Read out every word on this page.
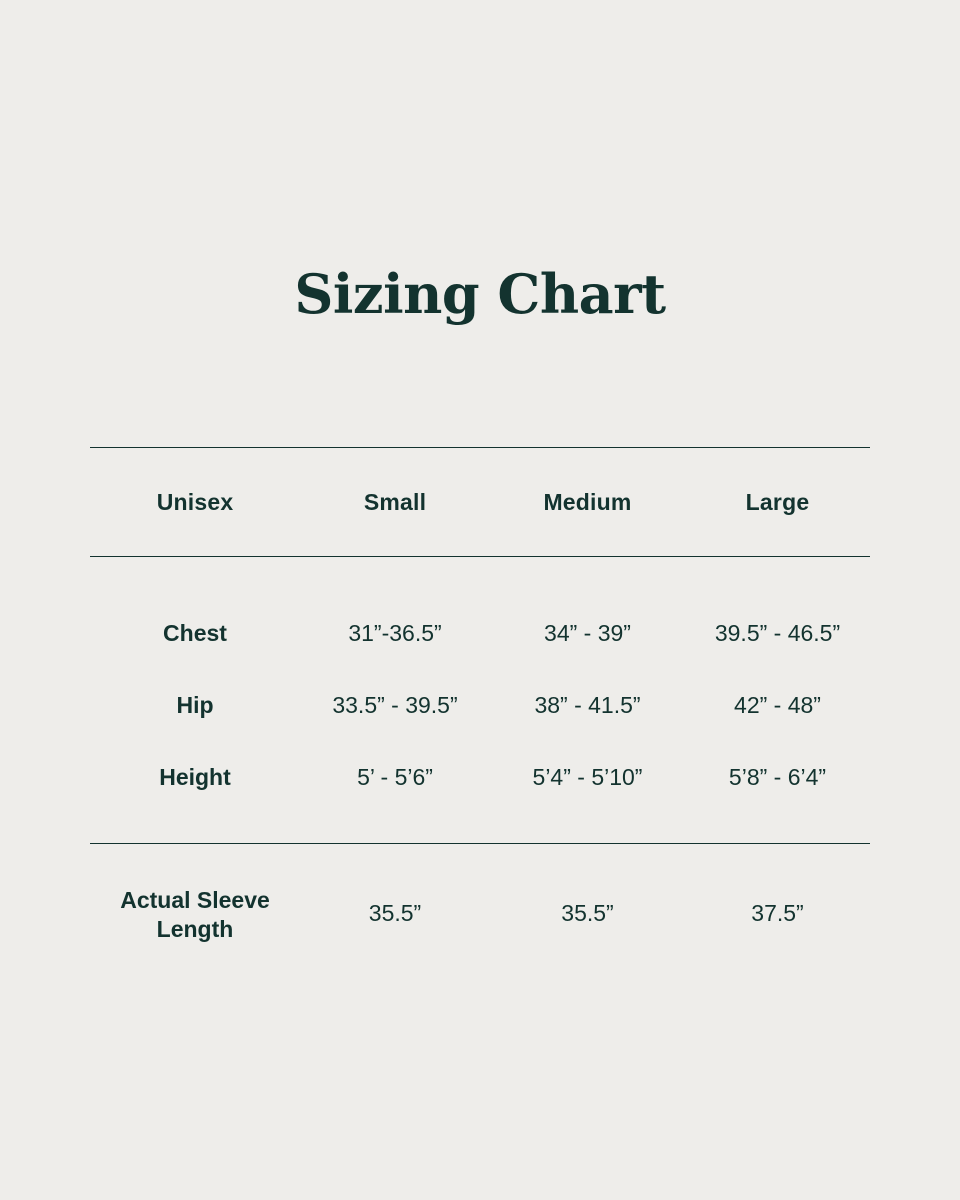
Sizing Chart

Unisex	Small	Medium	Large

Chest	31”-36.5”	34” - 39”	39.5” - 46.5”
Hip	33.5” - 39.5”	38” - 41.5”	42” - 48”
Height	5’ - 5’6”	5’4” - 5’10”	5’8” - 6’4”

Actual Sleeve Length	35.5”	35.5”	37.5”
